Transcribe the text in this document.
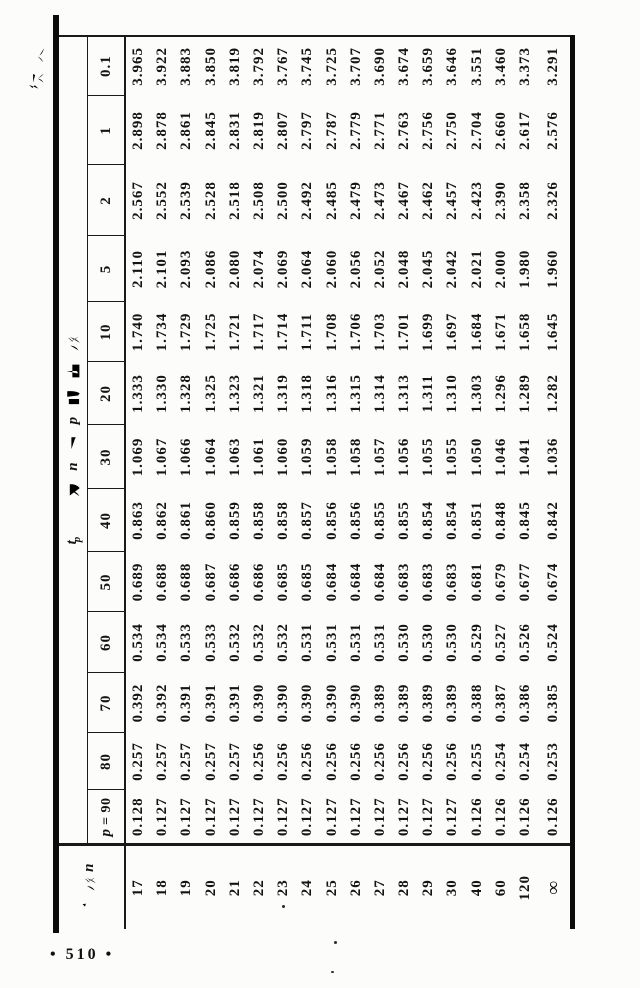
n	$t_p$
n
p												

	p = 90	80	70	60	50	40	30	20	10	5	2	1	0.1
17	0.128	0.257	0.392	0.534	0.689	0.863	1.069	1.333	1.740	2.110	2.567	2.898	3.965
18	0.127	0.257	0.392	0.534	0.688	0.862	1.067	1.330	1.734	2.101	2.552	2.878	3.922
19	0.127	0.257	0.391	0.533	0.688	0.861	1.066	1.328	1.729	2.093	2.539	2.861	3.883
20	0.127	0.257	0.391	0.533	0.687	0.860	1.064	1.325	1.725	2.086	2.528	2.845	3.850
21	0.127	0.257	0.391	0.532	0.686	0.859	1.063	1.323	1.721	2.080	2.518	2.831	3.819
22	0.127	0.256	0.390	0.532	0.686	0.858	1.061	1.321	1.717	2.074	2.508	2.819	3.792
23	0.127	0.256	0.390	0.532	0.685	0.858	1.060	1.319	1.714	2.069	2.500	2.807	3.767
24	0.127	0.256	0.390	0.531	0.685	0.857	1.059	1.318	1.711	2.064	2.492	2.797	3.745
25	0.127	0.256	0.390	0.531	0.684	0.856	1.058	1.316	1.708	2.060	2.485	2.787	3.725
26	0.127	0.256	0.390	0.531	0.684	0.856	1.058	1.315	1.706	2.056	2.479	2.779	3.707
27	0.127	0.256	0.389	0.531	0.684	0.855	1.057	1.314	1.703	2.052	2.473	2.771	3.690
28	0.127	0.256	0.389	0.530	0.683	0.855	1.056	1.313	1.701	2.048	2.467	2.763	3.674
29	0.127	0.256	0.389	0.530	0.683	0.854	1.055	1.311	1.699	2.045	2.462	2.756	3.659
30	0.127	0.256	0.389	0.530	0.683	0.854	1.055	1.310	1.697	2.042	2.457	2.750	3.646
40	0.126	0.255	0.388	0.529	0.681	0.851	1.050	1.303	1.684	2.021	2.423	2.704	3.551
60	0.126	0.254	0.387	0.527	0.679	0.848	1.046	1.296	1.671	2.000	2.390	2.660	3.460
120	0.126	0.254	0.386	0.526	0.677	0.845	1.041	1.289	1.658	1.980	2.358	2.617	3.373
∞	0.126	0.253	0.385	0.524	0.674	0.842	1.036	1.282	1.645	1.960	2.326	2.576	3.291
• 510 •
